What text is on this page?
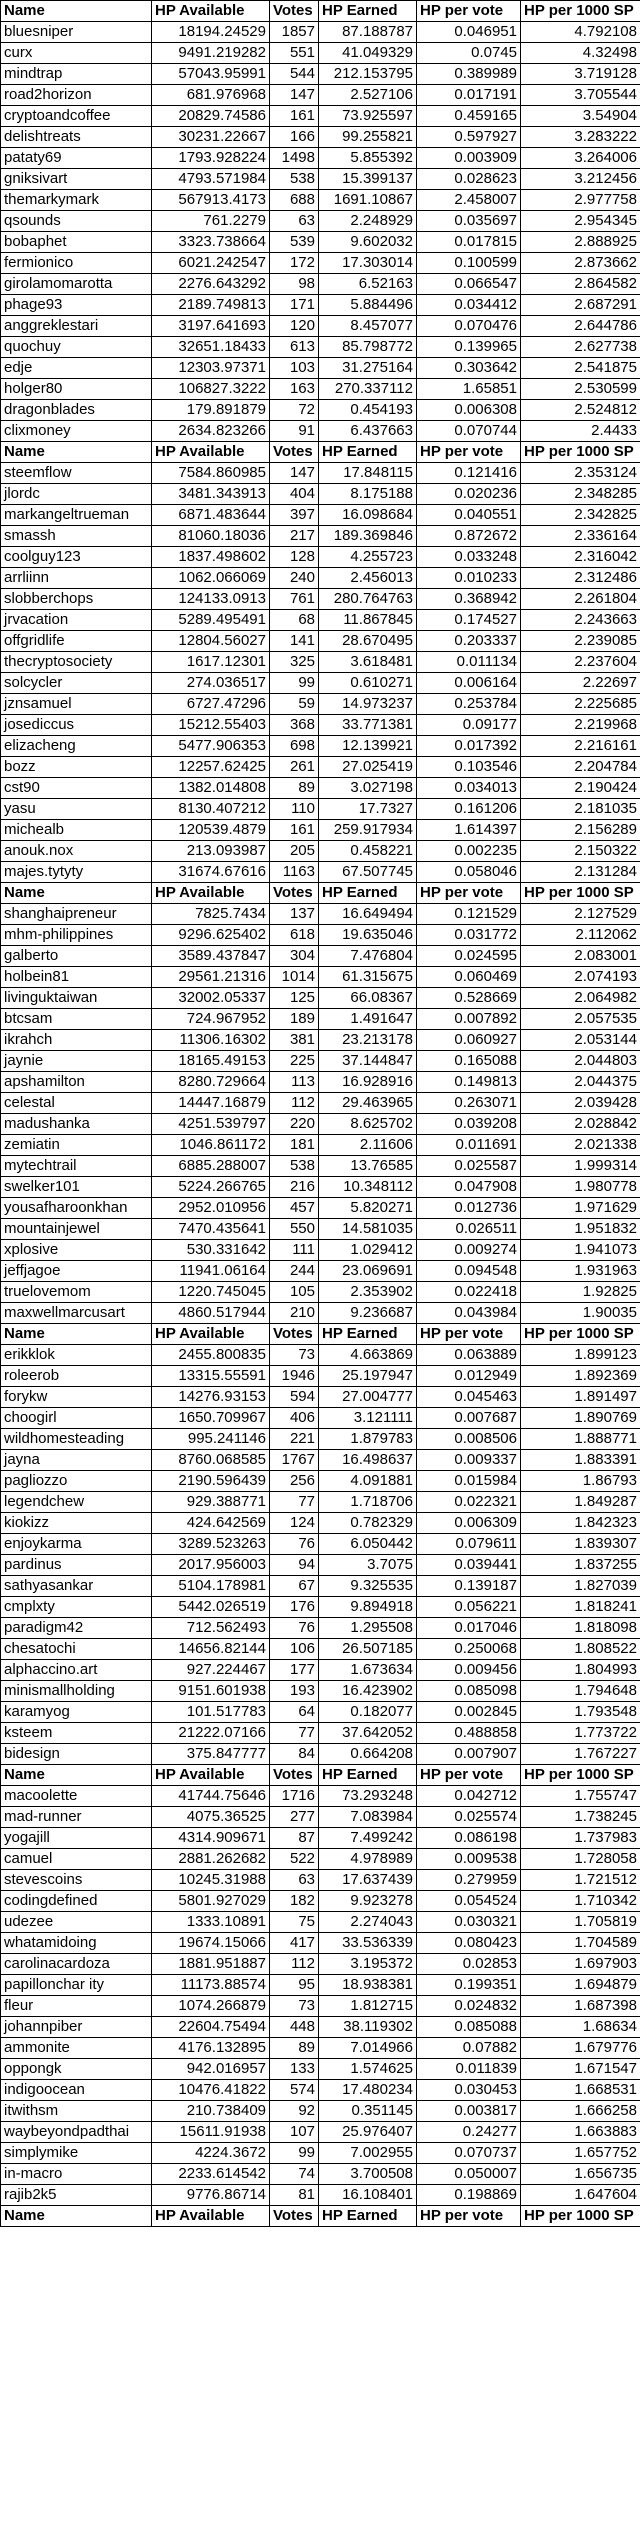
Name	HP Available	Votes	HP Earned	HP per vote	HP per 1000 SP
bluesniper	18194.24529	1857	87.188787	0.046951	4.792108
curx	9491.219282	551	41.049329	0.0745	4.32498
mindtrap	57043.95991	544	212.153795	0.389989	3.719128
road2horizon	681.976968	147	2.527106	0.017191	3.705544
cryptoandcoffee	20829.74586	161	73.925597	0.459165	3.54904
delishtreats	30231.22667	166	99.255821	0.597927	3.283222
pataty69	1793.928224	1498	5.855392	0.003909	3.264006
gniksivart	4793.571984	538	15.399137	0.028623	3.212456
themarkymark	567913.4173	688	1691.10867	2.458007	2.977758
qsounds	761.2279	63	2.248929	0.035697	2.954345
bobaphet	3323.738664	539	9.602032	0.017815	2.888925
fermionico	6021.242547	172	17.303014	0.100599	2.873662
girolamomarotta	2276.643292	98	6.52163	0.066547	2.864582
phage93	2189.749813	171	5.884496	0.034412	2.687291
anggreklestari	3197.641693	120	8.457077	0.070476	2.644786
quochuy	32651.18433	613	85.798772	0.139965	2.627738
edje	12303.97371	103	31.275164	0.303642	2.541875
holger80	106827.3222	163	270.337112	1.65851	2.530599
dragonblades	179.891879	72	0.454193	0.006308	2.524812
clixmoney	2634.823266	91	6.437663	0.070744	2.4433
Name	HP Available	Votes	HP Earned	HP per vote	HP per 1000 SP
steemflow	7584.860985	147	17.848115	0.121416	2.353124
jlordc	3481.343913	404	8.175188	0.020236	2.348285
markangeltrueman	6871.483644	397	16.098684	0.040551	2.342825
smassh	81060.18036	217	189.369846	0.872672	2.336164
coolguy123	1837.498602	128	4.255723	0.033248	2.316042
arrliinn	1062.066069	240	2.456013	0.010233	2.312486
slobberchops	124133.0913	761	280.764763	0.368942	2.261804
jrvacation	5289.495491	68	11.867845	0.174527	2.243663
offgridlife	12804.56027	141	28.670495	0.203337	2.239085
thecryptosociety	1617.12301	325	3.618481	0.011134	2.237604
solcycler	274.036517	99	0.610271	0.006164	2.22697
jznsamuel	6727.47296	59	14.973237	0.253784	2.225685
josediccus	15212.55403	368	33.771381	0.09177	2.219968
elizacheng	5477.906353	698	12.139921	0.017392	2.216161
bozz	12257.62425	261	27.025419	0.103546	2.204784
cst90	1382.014808	89	3.027198	0.034013	2.190424
yasu	8130.407212	110	17.7327	0.161206	2.181035
michealb	120539.4879	161	259.917934	1.614397	2.156289
anouk.nox	213.093987	205	0.458221	0.002235	2.150322
majes.tytyty	31674.67616	1163	67.507745	0.058046	2.131284
Name	HP Available	Votes	HP Earned	HP per vote	HP per 1000 SP
shanghaipreneur	7825.7434	137	16.649494	0.121529	2.127529
mhm-philippines	9296.625402	618	19.635046	0.031772	2.112062
galberto	3589.437847	304	7.476804	0.024595	2.083001
holbein81	29561.21316	1014	61.315675	0.060469	2.074193
livinguktaiwan	32002.05337	125	66.08367	0.528669	2.064982
btcsam	724.967952	189	1.491647	0.007892	2.057535
ikrahch	11306.16302	381	23.213178	0.060927	2.053144
jaynie	18165.49153	225	37.144847	0.165088	2.044803
apshamilton	8280.729664	113	16.928916	0.149813	2.044375
celestal	14447.16879	112	29.463965	0.263071	2.039428
madushanka	4251.539797	220	8.625702	0.039208	2.028842
zemiatin	1046.861172	181	2.11606	0.011691	2.021338
mytechtrail	6885.288007	538	13.76585	0.025587	1.999314
swelker101	5224.266765	216	10.348112	0.047908	1.980778
yousafharoonkhan	2952.010956	457	5.820271	0.012736	1.971629
mountainjewel	7470.435641	550	14.581035	0.026511	1.951832
xplosive	530.331642	111	1.029412	0.009274	1.941073
jeffjagoe	11941.06164	244	23.069691	0.094548	1.931963
truelovemom	1220.745045	105	2.353902	0.022418	1.92825
maxwellmarcusart	4860.517944	210	9.236687	0.043984	1.90035
Name	HP Available	Votes	HP Earned	HP per vote	HP per 1000 SP
erikklok	2455.800835	73	4.663869	0.063889	1.899123
roleerob	13315.55591	1946	25.197947	0.012949	1.892369
forykw	14276.93153	594	27.004777	0.045463	1.891497
choogirl	1650.709967	406	3.121111	0.007687	1.890769
wildhomesteading	995.241146	221	1.879783	0.008506	1.888771
jayna	8760.068585	1767	16.498637	0.009337	1.883391
pagliozzo	2190.596439	256	4.091881	0.015984	1.86793
legendchew	929.388771	77	1.718706	0.022321	1.849287
kiokizz	424.642569	124	0.782329	0.006309	1.842323
enjoykarma	3289.523263	76	6.050442	0.079611	1.839307
pardinus	2017.956003	94	3.7075	0.039441	1.837255
sathyasankar	5104.178981	67	9.325535	0.139187	1.827039
cmplxty	5442.026519	176	9.894918	0.056221	1.818241
paradigm42	712.562493	76	1.295508	0.017046	1.818098
chesatochi	14656.82144	106	26.507185	0.250068	1.808522
alphaccino.art	927.224467	177	1.673634	0.009456	1.804993
minismallholding	9151.601938	193	16.423902	0.085098	1.794648
karamyog	101.517783	64	0.182077	0.002845	1.793548
ksteem	21222.07166	77	37.642052	0.488858	1.773722
bidesign	375.847777	84	0.664208	0.007907	1.767227
Name	HP Available	Votes	HP Earned	HP per vote	HP per 1000 SP
macoolette	41744.75646	1716	73.293248	0.042712	1.755747
mad-runner	4075.36525	277	7.083984	0.025574	1.738245
yogajill	4314.909671	87	7.499242	0.086198	1.737983
camuel	2881.262682	522	4.978989	0.009538	1.728058
stevescoins	10245.31988	63	17.637439	0.279959	1.721512
codingdefined	5801.927029	182	9.923278	0.054524	1.710342
udezee	1333.10891	75	2.274043	0.030321	1.705819
whatamidoing	19674.15066	417	33.536339	0.080423	1.704589
carolinacardoza	1881.951887	112	3.195372	0.02853	1.697903
papillonchar ity	11173.88574	95	18.938381	0.199351	1.694879
fleur	1074.266879	73	1.812715	0.024832	1.687398
johannpiber	22604.75494	448	38.119302	0.085088	1.68634
ammonite	4176.132895	89	7.014966	0.07882	1.679776
oppongk	942.016957	133	1.574625	0.011839	1.671547
indigoocean	10476.41822	574	17.480234	0.030453	1.668531
itwithsm	210.738409	92	0.351145	0.003817	1.666258
waybeyondpadthai	15611.91938	107	25.976407	0.24277	1.663883
simplymike	4224.3672	99	7.002955	0.070737	1.657752
in-macro	2233.614542	74	3.700508	0.050007	1.656735
rajib2k5	9776.86714	81	16.108401	0.198869	1.647604
Name	HP Available	Votes	HP Earned	HP per vote	HP per 1000 SP
